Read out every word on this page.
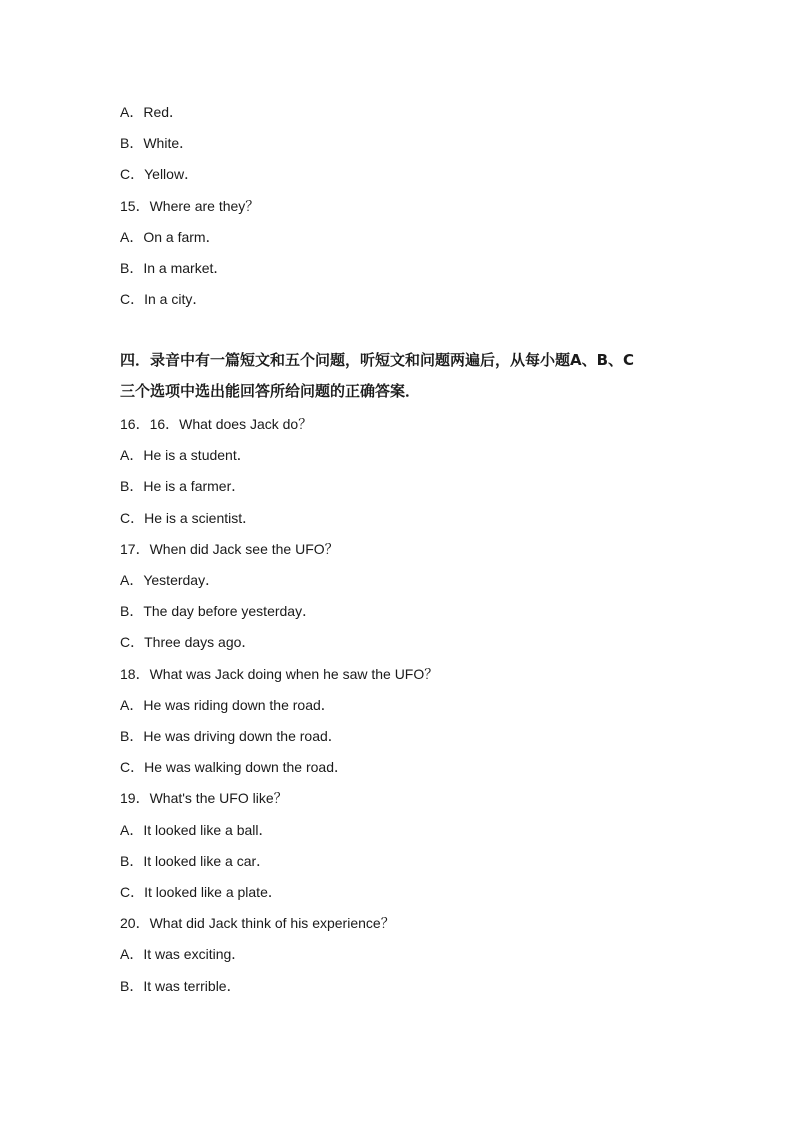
A．Red．
B．White．
C．Yellow．
15．Where are they？
A．On a farm．
B．In a market．
C．In a city．
四．录音中有一篇短文和五个问题，听短文和问题两遍后，从每小题A、B、C
三个选项中选出能回答所给问题的正确答案．
16．16．What does Jack do？
A．He is a student．
B．He is a farmer．
C．He is a scientist．
17．When did Jack see the UFO？
A．Yesterday．
B．The day before yesterday．
C．Three days ago．
18．What was Jack doing when he saw the UFO？
A．He was riding down the road．
B．He was driving down the road．
C．He was walking down the road．
19．What's the UFO like？
A．It looked like a ball．
B．It looked like a car．
C．It looked like a plate．
20．What did Jack think of his experience？
A．It was exciting．
B．It was terrible．
